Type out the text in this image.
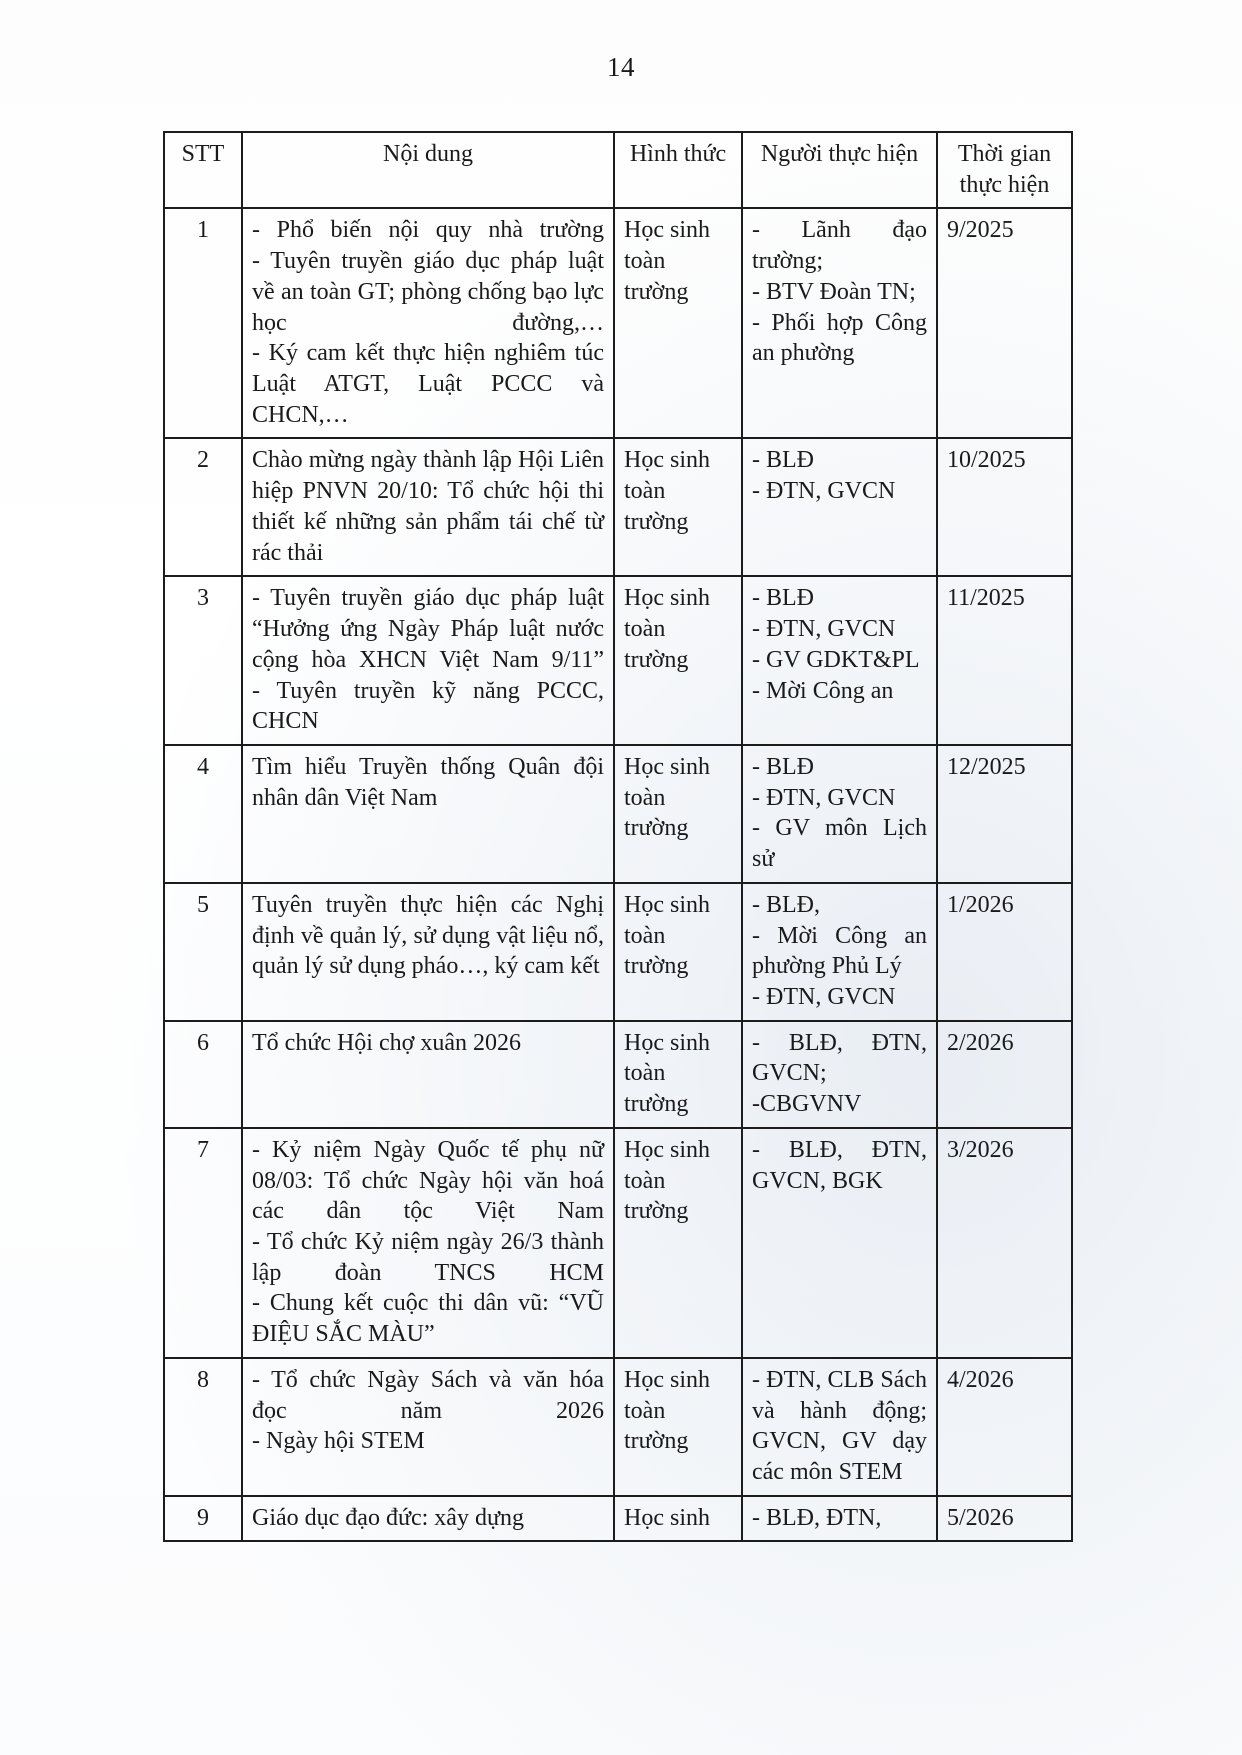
14
STT	Nội dung	Hình thức	Người thực hiện	Thời gian thực hiện

1	- Phổ biến nội quy nhà trường
- Tuyên truyền giáo dục pháp luật về an toàn GT; phòng chống bạo lực học đường,…
- Ký cam kết thực hiện nghiêm túc Luật ATGT, Luật PCCC và CHCN,…	Học sinh toàn trường	- Lãnh đạo trường;
- BTV Đoàn TN;
- Phối hợp Công an phường	9/2025

2	Chào mừng ngày thành lập Hội Liên hiệp PNVN 20/10: Tổ chức hội thi thiết kế những sản phẩm tái chế từ rác thải	Học sinh toàn trường	- BLĐ
- ĐTN, GVCN	10/2025

3	- Tuyên truyền giáo dục pháp luật “Hưởng ứng Ngày Pháp luật nước cộng hòa XHCN Việt Nam 9/11”
- Tuyên truyền kỹ năng PCCC, CHCN	Học sinh toàn trường	- BLĐ
- ĐTN, GVCN
- GV GDKT&PL
- Mời Công an	11/2025

4	Tìm hiểu Truyền thống Quân đội nhân dân Việt Nam	Học sinh toàn trường	- BLĐ
- ĐTN, GVCN
- GV môn Lịch sử	12/2025

5	Tuyên truyền thực hiện các Nghị định về quản lý, sử dụng vật liệu nổ, quản lý sử dụng pháo…, ký cam kết	Học sinh toàn trường	- BLĐ,
- Mời Công an phường Phủ Lý
- ĐTN, GVCN	1/2026

6	Tổ chức Hội chợ xuân 2026	Học sinh toàn trường	- BLĐ, ĐTN, GVCN;
-CBGVNV	2/2026

7	- Kỷ niệm Ngày Quốc tế phụ nữ 08/03: Tổ chức Ngày hội văn hoá các dân tộc Việt Nam
- Tổ chức Kỷ niệm ngày 26/3 thành lập đoàn TNCS HCM
- Chung kết cuộc thi dân vũ: “VŨ ĐIỆU SẮC MÀU”	Học sinh toàn trường	- BLĐ, ĐTN, GVCN, BGK	3/2026

8	- Tổ chức Ngày Sách và văn hóa đọc năm 2026
- Ngày hội STEM	Học sinh toàn trường	- ĐTN, CLB Sách và hành động; GVCN, GV dạy các môn STEM	4/2026

9	Giáo dục đạo đức: xây dựng	Học sinh	- BLĐ, ĐTN,	5/2026
